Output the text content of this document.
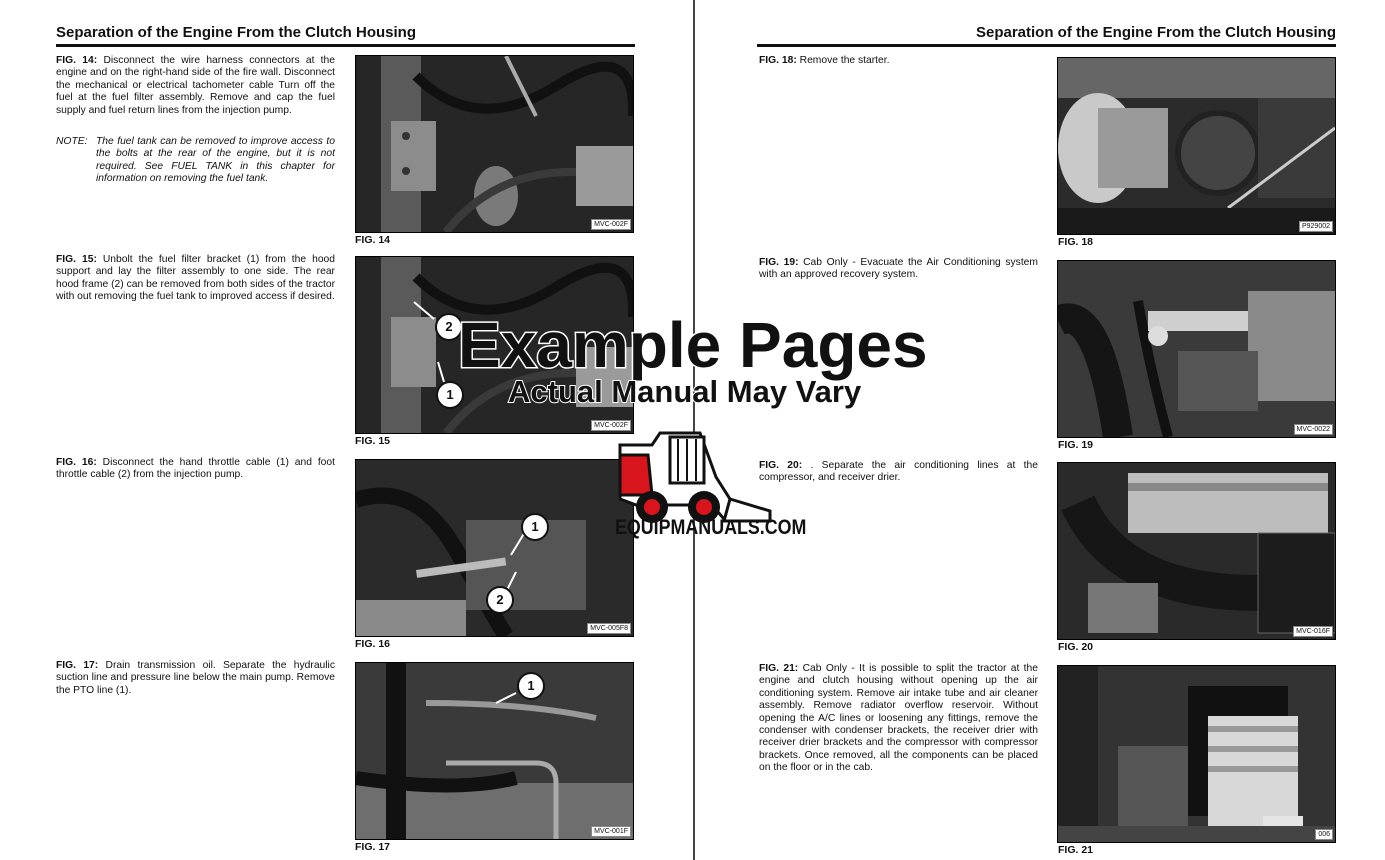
Separation of the Engine From the Clutch Housing
FIG. 14: Disconnect the wire harness connectors at the engine and on the right-hand side of the fire wall. Disconnect the mechanical or electrical tachometer cable Turn off the fuel at the fuel filter assembly. Remove and cap the fuel supply and fuel return lines from the injection pump.
NOTE: The fuel tank can be removed to improve access to the bolts at the rear of the engine, but it is not required. See FUEL TANK in this chapter for information on removing the fuel tank.
MVC-002F
FIG. 14
FIG. 15: Unbolt the fuel filter bracket (1) from the hood support and lay the filter assembly to one side. The rear hood frame (2) can be removed from both sides of the tractor with out removing the fuel tank to improved access if desired.
2
1
MVC-002F
FIG. 15
FIG. 16: Disconnect the hand throttle cable (1) and foot throttle cable (2) from the injection pump.
1
2
MVC-005F8
FIG. 16
FIG. 17: Drain transmission oil. Separate the hydraulic suction line and pressure line below the main pump. Remove the PTO line (1).	1
MVC-001F
FIG. 17
Separation of the Engine From the Clutch Housing
FIG. 18: Remove the starter.
P929002
FIG. 18
FIG. 19: Cab Only - Evacuate the Air Conditioning system with an approved recovery system.
MVC-0022
FIG. 19
FIG. 20: . Separate the air conditioning lines at the compressor, and receiver drier.
MVC-016F
FIG. 20
FIG. 21: Cab Only - It is possible to split the tractor at the engine and clutch housing without opening up the air conditioning system. Remove air intake tube and air cleaner assembly. Remove radiator overflow reservoir. Without opening the A/C lines or loosening any fittings, remove the condenser with condenser brackets, the receiver drier with receiver drier brackets and the compressor with compressor brackets. Once removed, all the components can be placed on the floor or in the cab.
006
FIG. 21
Example Pages
Actual Manual May Vary
EQUIPMANUALS.COM
